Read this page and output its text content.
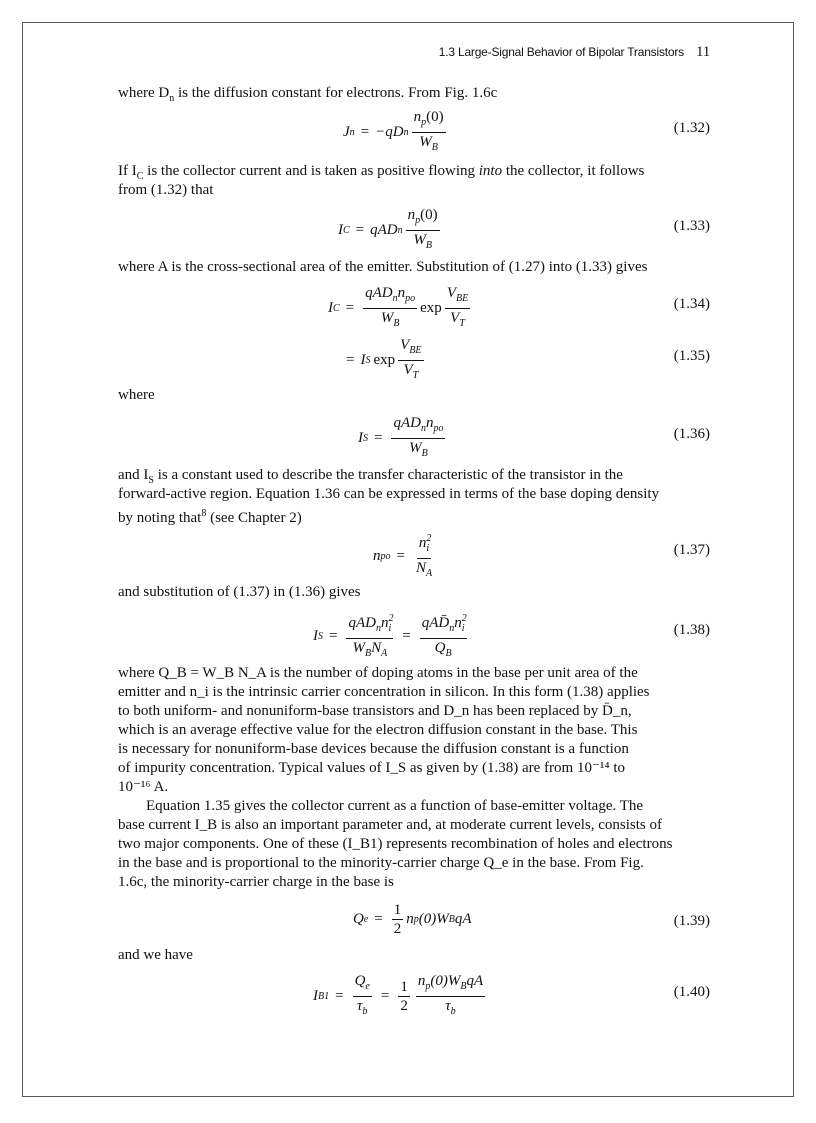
1.3 Large-Signal Behavior of Bipolar Transistors 11
where $D_n$ is the diffusion constant for electrons. From Fig. 1.6c
J n = −qD n $\frac{n_p(0)}{W_B}$	(1.32)
If $I_C$ is the collector current and is taken as positive flowing into the collector, it follows
from (1.32) that
I C = qAD n $\frac{n_p(0)}{W_B}$	(1.33)
where A is the cross-sectional area of the emitter. Substitution of (1.27) into (1.33) gives
I $C = \frac{qAD_nn_{po}}{W_B}$ $\exp \frac{V_{BE}}{V_T}$	(1.34)
= I S $\exp \frac{V_{BE}}{V_T}$	(1.35)
where
I $S = \frac{qAD_nn_{po}}{W_B}$	(1.36)
and $I_S$ is a constant used to describe the transfer characteristic of the transistor in the
forward-active region. Equation 1.36 can be expressed in terms of the base doping density
by noting that$^8$ (see Chapter 2)
n po = $\frac{n^2_i}{N_A}$	(1.37)
and substitution of (1.37) in (1.36) gives
I $S = \frac{qAD_nn^2_i}{W_BN_A} = \frac{qAD̄_nn^2_i}{Q_B}$	(1.38)
where Q_B = W_B N_A is the number of doping atoms in the base per unit area of the
emitter and n_i is the intrinsic carrier concentration in silicon. In this form (1.38) applies
to both uniform- and nonuniform-base transistors and D_n has been replaced by D̄_n,
which is an average effective value for the electron diffusion constant in the base. This
is necessary for nonuniform-base devices because the diffusion constant is a function
of impurity concentration. Typical values of I_S as given by (1.38) are from 10⁻¹⁴ to
10⁻¹⁶ A.
Equation 1.35 gives the collector current as a function of base-emitter voltage. The
base current I_B is also an important parameter and, at moderate current levels, consists of
two major components. One of these (I_B1) represents recombination of holes and electrons
in the base and is proportional to the minority-carrier charge Q_e in the base. From Fig.
1.6c, the minority-carrier charge in the base is
Q $e = \frac{1}{2}$ n p (0)W B qA	(1.39)
and we have
I $B1 = \frac{Q_e}{\tau_b} = \frac{1}{2} \frac{n_p(0)W_BqA}{\tau_b}$	(1.40)
